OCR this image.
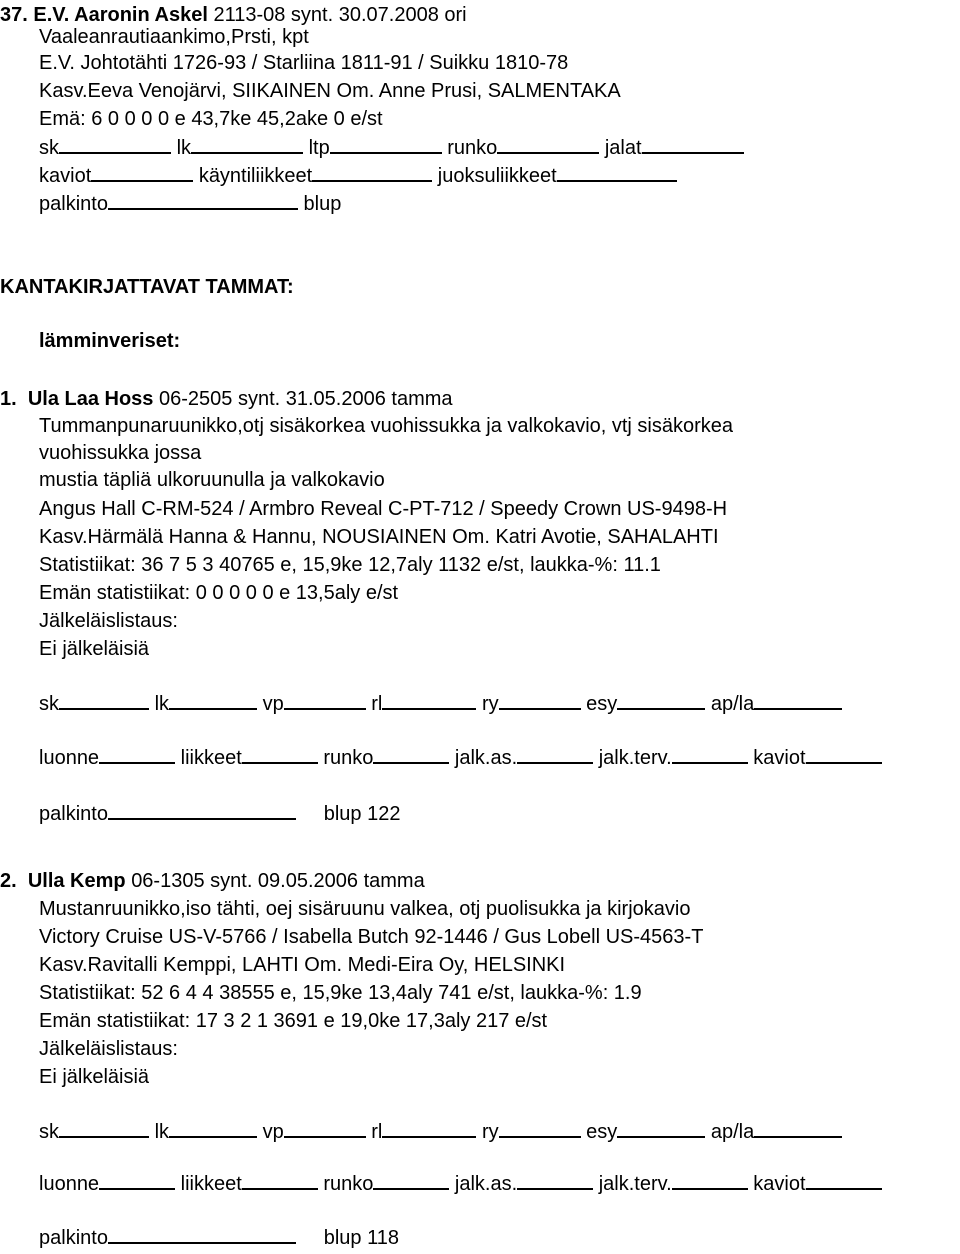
37. E.V. Aaronin Askel 2113-08 synt. 30.07.2008 ori
Vaaleanrautiaankimo,Prsti, kpt
E.V. Johtotähti 1726-93 / Starliina 1811-91 / Suikku 1810-78
Kasv.Eeva Venojärvi, SIIKAINEN Om. Anne Prusi, SALMENTAKA
Emä: 6 0 0 0 0 e 43,7ke 45,2ake 0 e/st
sk	lk	ltp	runko	jalat
kaviot	käyntiliikkeet	juoksuliikkeet
palkinto	blup
KANTAKIRJATTAVAT TAMMAT:
lämminveriset:
1. Ula Laa Hoss 06-2505 synt. 31.05.2006 tamma
Tummanpunaruunikko,otj sisäkorkea vuohissukka ja valkokavio, vtj sisäkorkea
vuohissukka jossa
mustia täpliä ulkoruunulla ja valkokavio
Angus Hall C-RM-524 / Armbro Reveal C-PT-712 / Speedy Crown US-9498-H
Kasv.Härmälä Hanna & Hannu, NOUSIAINEN Om. Katri Avotie, SAHALAHTI
Statistiikat: 36 7 5 3 40765 e, 15,9ke 12,7aly 1132 e/st, laukka-%: 11.1
Emän statistiikat: 0 0 0 0 0 e 13,5aly e/st
Jälkeläislistaus:
Ei jälkeläisiä
sk	lk	vp	rl	ry	esy	ap/la
luonne	liikkeet	runko	jalk.as.	jalk.terv.	kaviot
palkinto	blup 122
2. Ulla Kemp 06-1305 synt. 09.05.2006 tamma
Mustanruunikko,iso tähti, oej sisäruunu valkea, otj puolisukka ja kirjokavio
Victory Cruise US-V-5766 / Isabella Butch 92-1446 / Gus Lobell US-4563-T
Kasv.Ravitalli Kemppi, LAHTI Om. Medi-Eira Oy, HELSINKI
Statistiikat: 52 6 4 4 38555 e, 15,9ke 13,4aly 741 e/st, laukka-%: 1.9
Emän statistiikat: 17 3 2 1 3691 e 19,0ke 17,3aly 217 e/st
Jälkeläislistaus:
Ei jälkeläisiä
sk	lk	vp	rl	ry	esy	ap/la
luonne	liikkeet	runko	jalk.as.	jalk.terv.	kaviot
palkinto	blup 118
